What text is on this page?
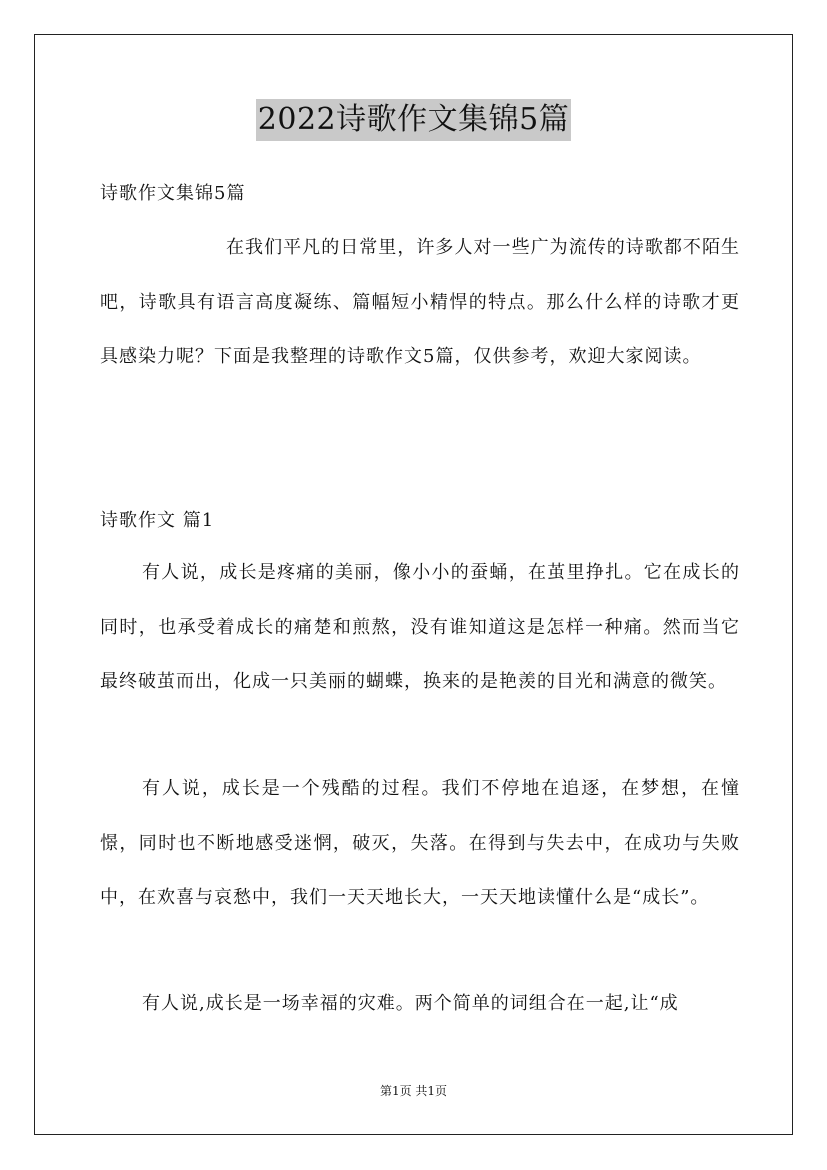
2022诗歌作文集锦5篇
诗歌作文集锦5篇

在我们平凡的日常里，许多人对一些广为流传的诗歌都不陌生吧，诗歌具有语言高度凝练、篇幅短小精悍的特点。那么什么样的诗歌才更具感染力呢？下面是我整理的诗歌作文5篇，仅供参考，欢迎大家阅读。

诗歌作文 篇1

有人说，成长是疼痛的美丽，像小小的蚕蛹，在茧里挣扎。它在成长的同时，也承受着成长的痛楚和煎熬，没有谁知道这是怎样一种痛。然而当它最终破茧而出，化成一只美丽的蝴蝶，换来的是艳羡的目光和满意的微笑。

有人说，成长是一个残酷的过程。我们不停地在追逐，在梦想，在憧憬，同时也不断地感受迷惘，破灭，失落。在得到与失去中，在成功与失败中，在欢喜与哀愁中，我们一天天地长大，一天天地读懂什么是“成长”。

有人说,成长是一场幸福的灾难。两个简单的词组合在一起,让“成

第1页 共1页
